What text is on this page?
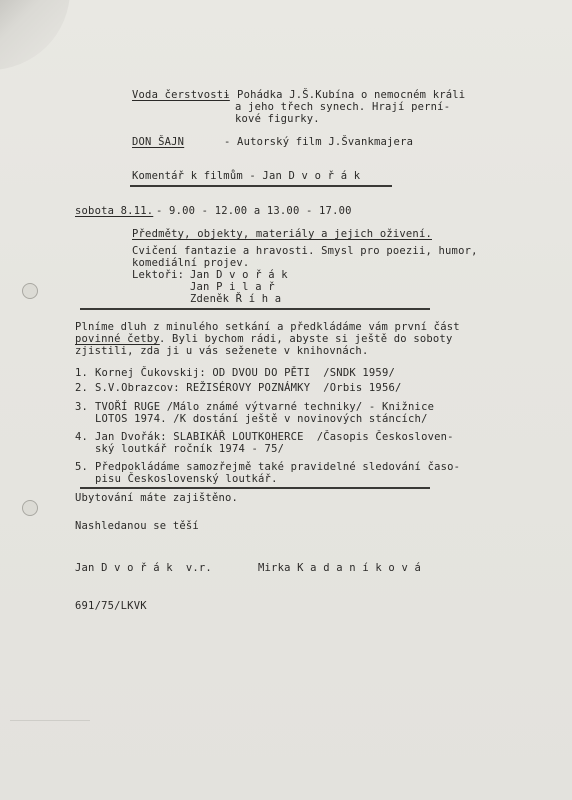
Voda čerstvosti
- Pohádka J.Š.Kubína o nemocném králi
a jeho třech synech. Hrají perní-
kové figurky.
DON ŠAJN	- Autorský film J.Švankmajera
Komentář k filmům - Jan D v o ř á k
sobota 8.11. - 9.00 - 12.00 a 13.00 - 17.00
Předměty, objekty, materiály a jejich oživení.
Cvičení fantazie a hravosti. Smysl pro poezii, humor,
komediální projev.
Lektoři: Jan D v o ř á k
Jan P i l a ř
Zdeněk Ř í h a
Plníme dluh z minulého setkání a předkládáme vám první část
povinné četby . Byli bychom rádi, abyste si ještě do soboty
zjistili, zda ji u vás seženete v knihovnách.
1. Kornej Čukovskij: OD DVOU DO PĚTI  /SNDK 1959/
2. S.V.Obrazcov: REŽISÉROVY POZNÁMKY  /Orbis 1956/
3. TVOŘÍ RUGE /Málo známé výtvarné techniky/ - Knižnice
LOTOS 1974. /K dostání ještě v novinových stáncích/
4. Jan Dvořák: SLABIKÁŘ LOUTKOHERCE  /Časopis Českosloven-
ský loutkář ročník 1974 - 75/
5. Předpokládáme samozřejmě také pravidelné sledování časo-
pisu Československý loutkář.
Ubytování máte zajištěno.
Nashledanou se těší
Jan D v o ř á k  v.r.	Mirka K a d a n í k o v á
691/75/LKVK
